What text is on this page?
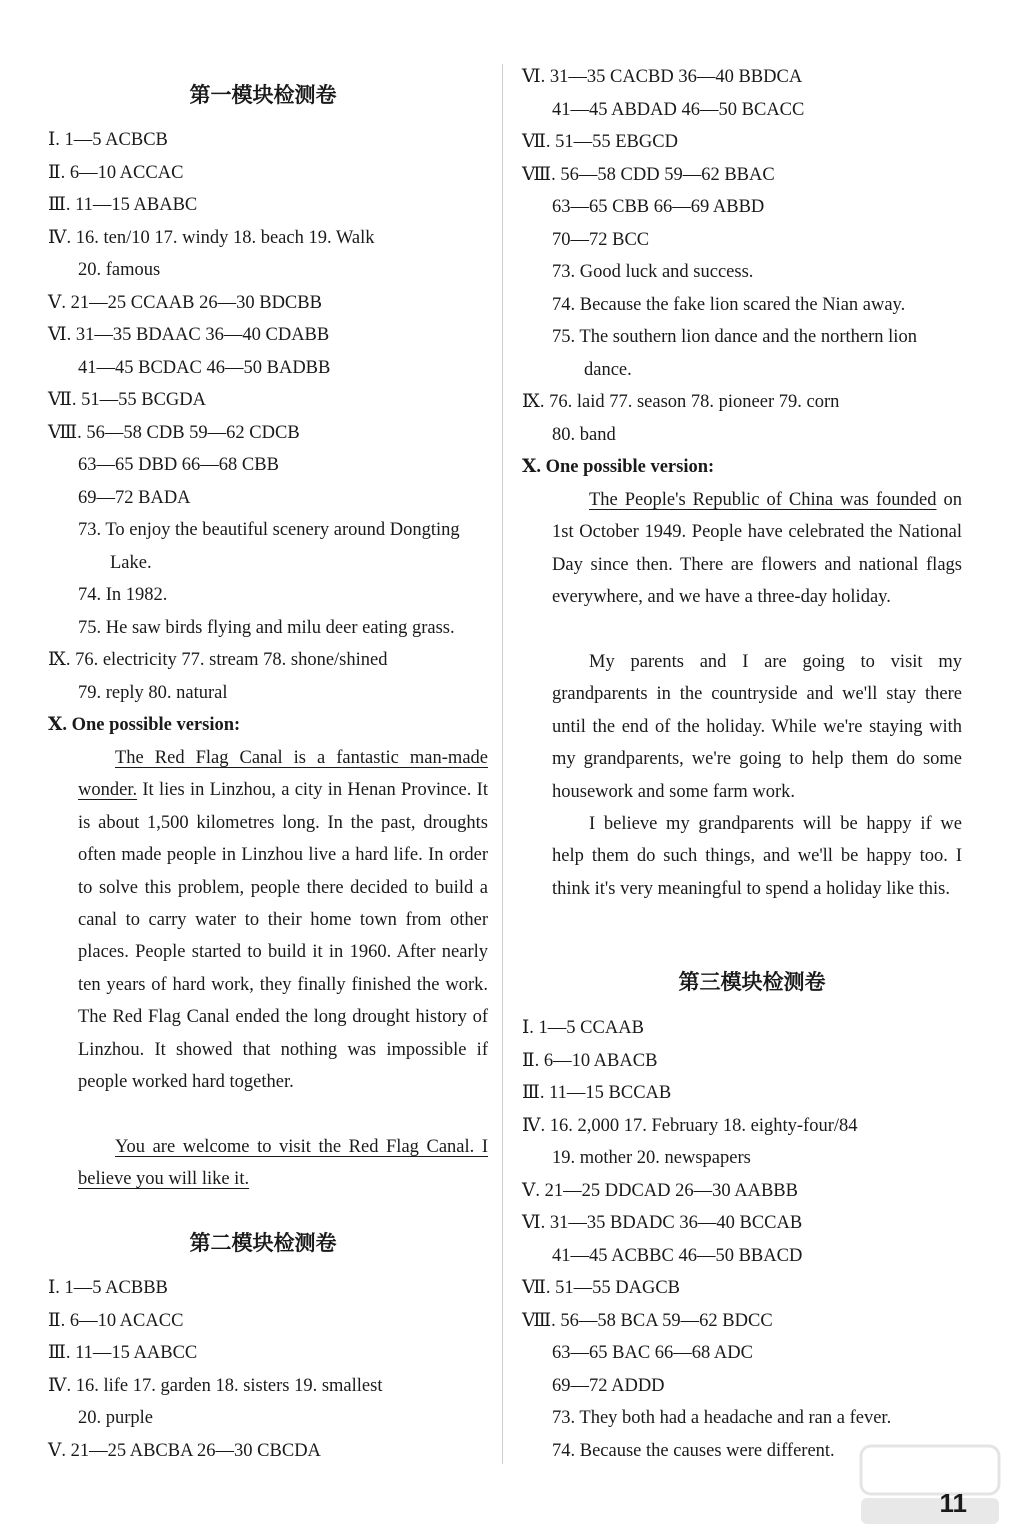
第一模块检测卷
Ⅰ. 1—5 ACBCB
Ⅱ. 6—10 ACCAC
Ⅲ. 11—15 ABABC
Ⅳ. 16. ten/10 17. windy 18. beach 19. Walk
20. famous
Ⅴ. 21—25 CCAAB 26—30 BDCBB
Ⅵ. 31—35 BDAAC 36—40 CDABB
41—45 BCDAC 46—50 BADBB
Ⅶ. 51—55 BCGDA
Ⅷ. 56—58 CDB 59—62 CDCB
63—65 DBD 66—68 CBB
69—72 BADA
73. To enjoy the beautiful scenery around Dongting
Lake.
74. In 1982.
75. He saw birds flying and milu deer eating grass.
Ⅸ. 76. electricity 77. stream 78. shone/shined
79. reply 80. natural
Ⅹ. One possible version:
The Red Flag Canal is a fantastic man-made wonder. It lies in Linzhou, a city in Henan Province. It is about 1,500 kilometres long. In the past, droughts often made people in Linzhou live a hard life. In order to solve this problem, people there decided to build a canal to carry water to their home town from other places. People started to build it in 1960. After nearly ten years of hard work, they finally finished the work. The Red Flag Canal ended the long drought history of Linzhou. It showed that nothing was impossible if people worked hard together.
You are welcome to visit the Red Flag Canal. I believe you will like it.
第二模块检测卷
Ⅰ. 1—5 ACBBB
Ⅱ. 6—10 ACACC
Ⅲ. 11—15 AABCC
Ⅳ. 16. life 17. garden 18. sisters 19. smallest
20. purple
Ⅴ. 21—25 ABCBA 26—30 CBCDA
Ⅵ. 31—35 CACBD 36—40 BBDCA
41—45 ABDAD 46—50 BCACC
Ⅶ. 51—55 EBGCD
Ⅷ. 56—58 CDD 59—62 BBAC
63—65 CBB 66—69 ABBD
70—72 BCC
73. Good luck and success.
74. Because the fake lion scared the Nian away.
75. The southern lion dance and the northern lion
dance.
Ⅸ. 76. laid 77. season 78. pioneer 79. corn
80. band
Ⅹ. One possible version:
The People's Republic of China was founded on 1st October 1949. People have celebrated the National Day since then. There are flowers and national flags everywhere, and we have a three-day holiday.
My parents and I are going to visit my grandparents in the countryside and we'll stay there until the end of the holiday. While we're staying with my grandparents, we're going to help them do some housework and some farm work.
I believe my grandparents will be happy if we help them do such things, and we'll be happy too. I think it's very meaningful to spend a holiday like this.
第三模块检测卷
Ⅰ. 1—5 CCAAB
Ⅱ. 6—10 ABACB
Ⅲ. 11—15 BCCAB
Ⅳ. 16. 2,000 17. February 18. eighty-four/84
19. mother 20. newspapers
Ⅴ. 21—25 DDCAD 26—30 AABBB
Ⅵ. 31—35 BDADC 36—40 BCCAB
41—45 ACBBC 46—50 BBACD
Ⅶ. 51—55 DAGCB
Ⅷ. 56—58 BCA 59—62 BDCC
63—65 BAC 66—68 ADC
69—72 ADDD
73. They both had a headache and ran a fever.
74. Because the causes were different.
11
